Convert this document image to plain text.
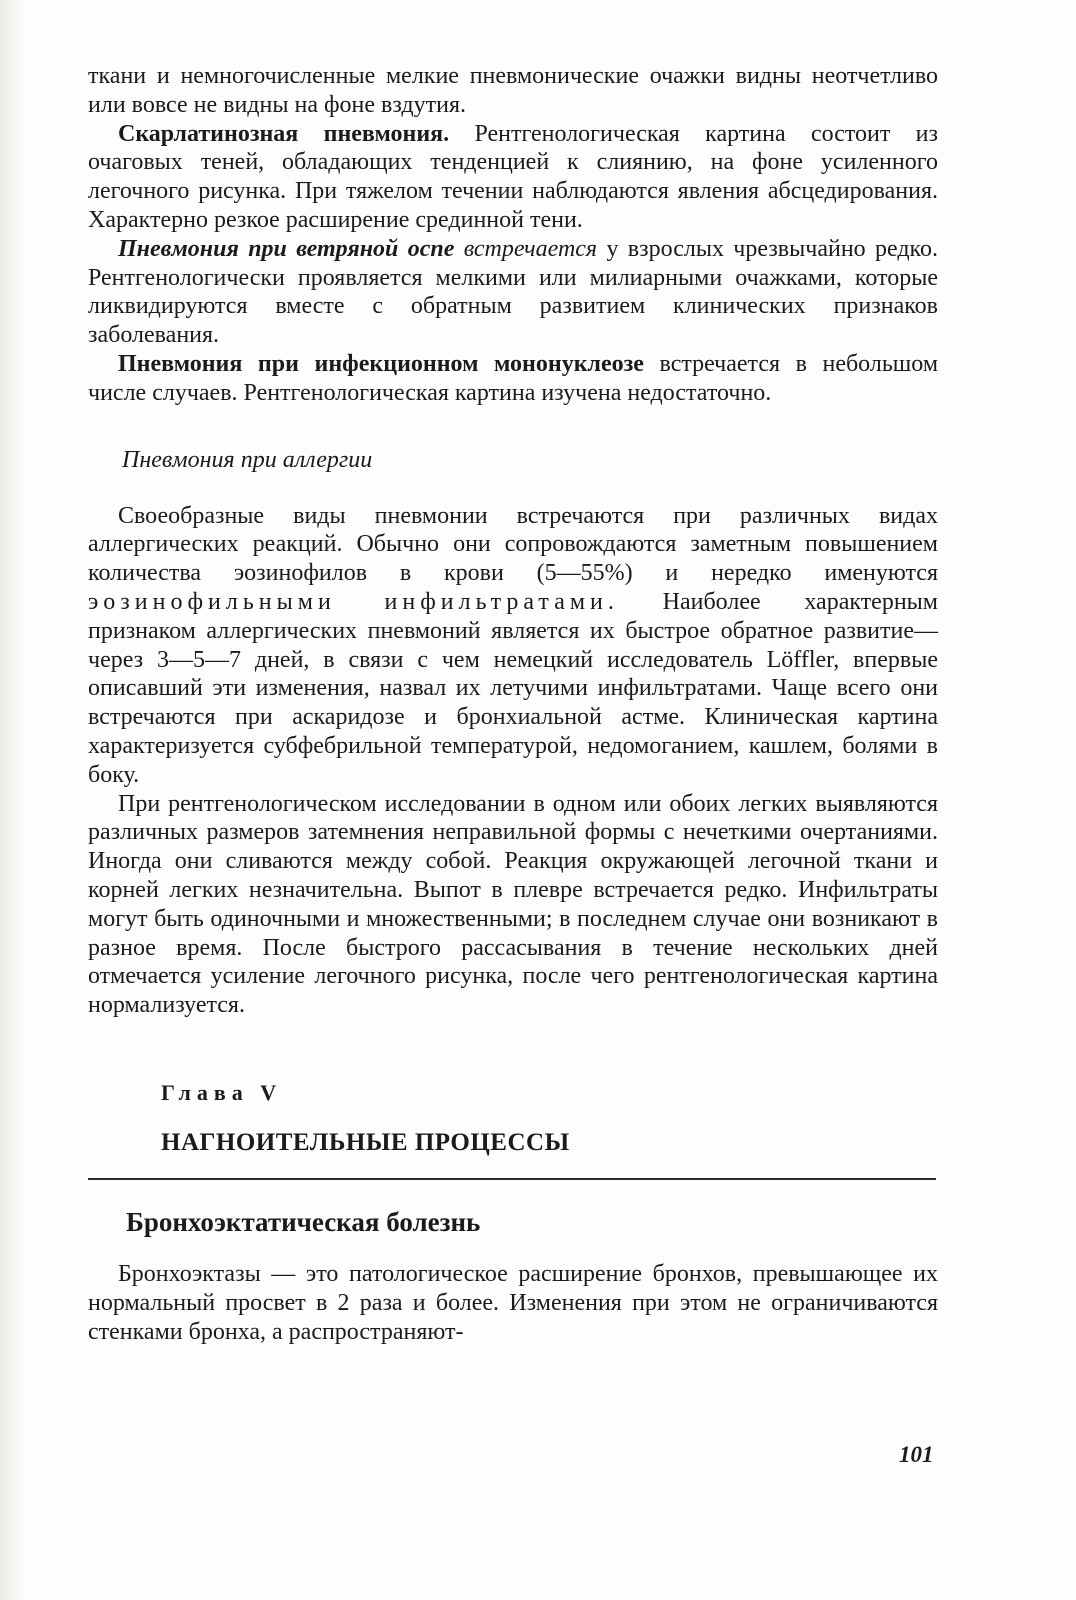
ткани и немногочисленные мелкие пневмонические очажки видны неотчетливо или вовсе не видны на фоне вздутия.

Скарлатинозная пневмония. Рентгенологическая картина состоит из очаговых теней, обладающих тенденцией к слиянию, на фоне усиленного легочного рисунка. При тяжелом течении наблюдаются явления абсцедирования. Характерно резкое расширение срединной тени.

Пневмония при ветряной оспе встречается у взрослых чрезвычайно редко. Рентгенологически проявляется мелкими или милиарными очажками, которые ликвидируются вместе с обратным развитием клинических признаков заболевания.

Пневмония при инфекционном мононуклеозе встречается в небольшом числе случаев. Рентгенологическая картина изучена недостаточно.

Пневмония при аллергии

Своеобразные виды пневмонии встречаются при различных видах аллергических реакций. Обычно они сопровождаются заметным повышением количества эозинофилов в крови (5—55%) и нередко именуются эозинофильными инфильтратами. Наиболее характерным признаком аллергических пневмоний является их быстрое обратное развитие— через 3—5—7 дней, в связи с чем немецкий исследователь Löffler, впервые описавший эти изменения, назвал их летучими инфильтратами. Чаще всего они встречаются при аскаридозе и бронхиальной астме. Клиническая картина характеризуется субфебрильной температурой, недомоганием, кашлем, болями в боку.

При рентгенологическом исследовании в одном или обоих легких выявляются различных размеров затемнения неправильной формы с нечеткими очертаниями. Иногда они сливаются между собой. Реакция окружающей легочной ткани и корней легких незначительна. Выпот в плевре встречается редко. Инфильтраты могут быть одиночными и множественными; в последнем случае они возникают в разное время. После быстрого рассасывания в течение нескольких дней отмечается усиление легочного рисунка, после чего рентгенологическая картина нормализуется.

Глава V
НАГНОИТЕЛЬНЫЕ ПРОЦЕССЫ
Бронхоэктатическая болезнь

Бронхоэктазы — это патологическое расширение бронхов, превышающее их нормальный просвет в 2 раза и более. Изменения при этом не ограничиваются стенками бронха, а распространяют-

101
